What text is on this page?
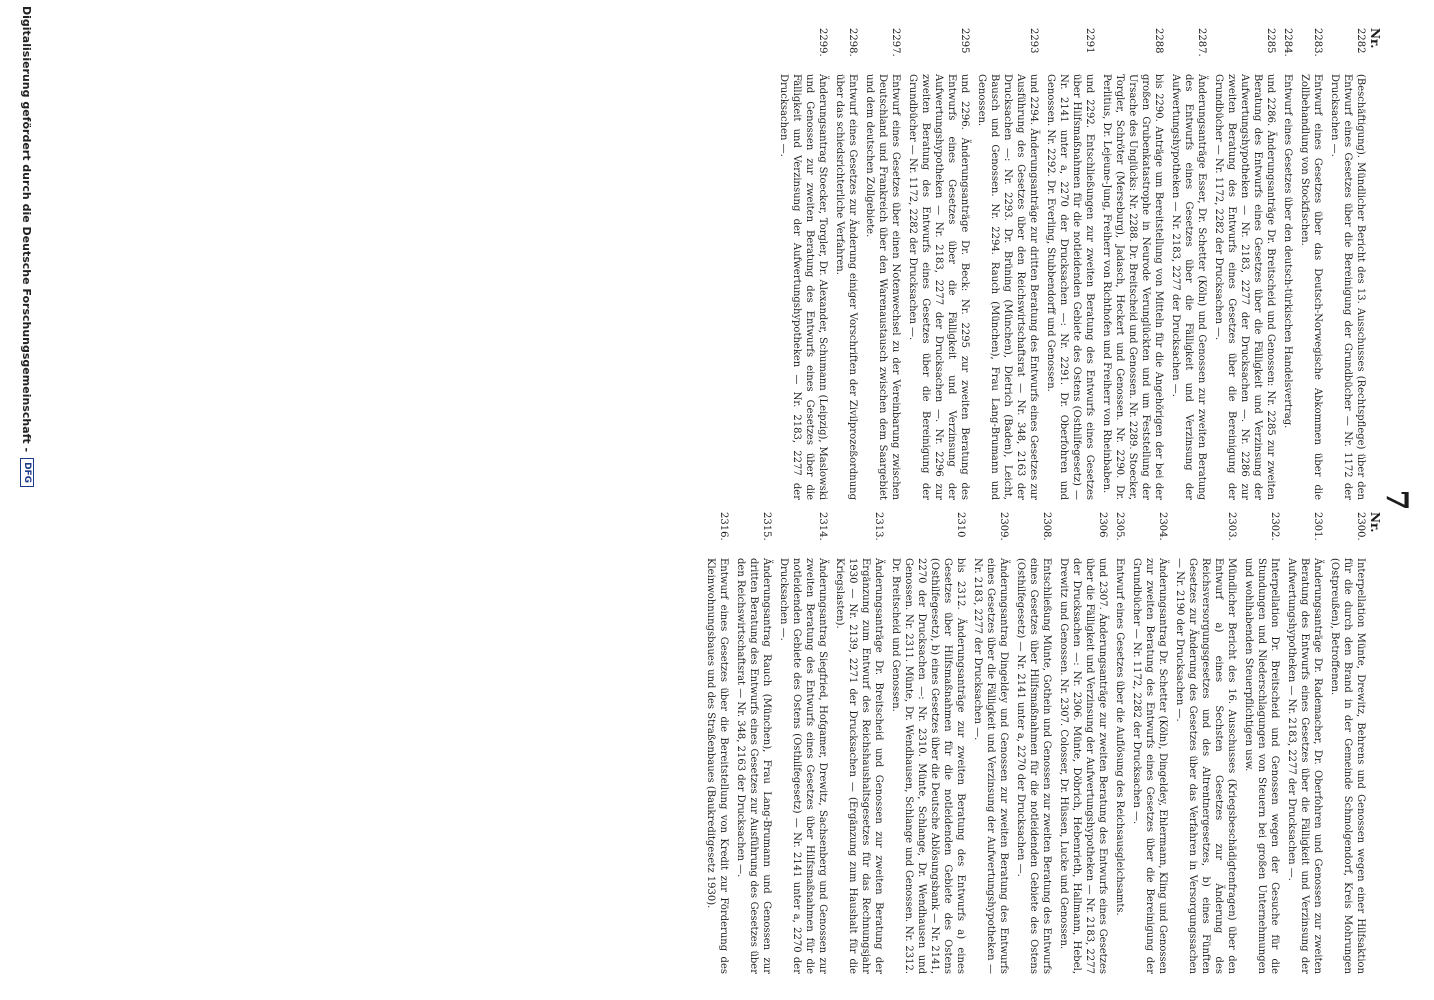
7
Nr.
2282
(Beschäftigung). Mündlicher Bericht des 13. Ausschusses (Rechtspflege) über den Entwurf eines Gesetzes über die Bereinigung der Grundbücher — Nr. 1172 der Drucksachen —.
2283.
Entwurf eines Gesetzes über das Deutsch-Norwegische Abkommen über die Zollbehandlung von Stockfischen.
2284.
Entwurf eines Gesetzes über den deutsch-türkischen Handelsvertrag.
2285
und 2286. Änderungsanträge Dr. Breitscheid und Genossen: Nr. 2285 zur zweiten Beratung des Entwurfs eines Gesetzes über die Fälligkeit und Verzinsung der Aufwertungshypotheken — Nr. 2183, 2277 der Drucksachen —. Nr. 2286 zur zweiten Beratung des Entwurfs eines Gesetzes über die Bereinigung der Grundbücher — Nr. 1172, 2282 der Drucksachen —.
2287.
Änderungsanträge Esser, Dr. Schetter (Köln) und Genossen zur zweiten Beratung des Entwurfs eines Gesetzes über die Fälligkeit und Verzinsung der Aufwertungshypotheken — Nr. 2183, 2277 der Drucksachen —.
2288
bis 2290. Anträge um Bereitstellung von Mitteln für die Angehörigen der bei der großen Grubenkatastrophe in Neurode Verunglückten und um Feststellung der Ursache des Unglücks: Nr. 2288. Dr. Breitscheid und Genossen. Nr. 2289. Stoecker, Torgler, Schröter (Merseburg), Jadasch, Heckert und Genossen. Nr. 2290. Dr. Perlitius, Dr. Lejeune-Jung, Freiherr von Richthofen und Freiherr von Rheinbaben.
2291
und 2292. Entschließungen zur zweiten Beratung des Entwurfs eines Gesetzes über Hilfsmaßnahmen für die notleidenden Gebiete des Ostens (Osthilfegesetz) — Nr. 2141 unter a, 2270 der Drucksachen —: Nr. 2291. Dr. Oberfohren und Genossen. Nr. 2292. Dr. Everling, Stubbendorff und Genossen.
2293
und 2294. Änderungsanträge zur dritten Beratung des Entwurfs eines Gesetzes zur Ausführung des Gesetzes über den Reichswirtschaftsrat — Nr. 348, 2163 der Drucksachen —: Nr. 2293. Dr. Brüning (München), Dietrich (Baden), Leicht, Bausch und Genossen. Nr. 2294. Rauch (München), Frau Lang-Brumann und Genossen.
2295
und 2296. Änderungsanträge Dr. Beck: Nr. 2295 zur zweiten Beratung des Entwurfs eines Gesetzes über die Fälligkeit und Verzinsung der Aufwertungshypotheken — Nr. 2183, 2277 der Drucksachen —. Nr. 2296 zur zweiten Beratung des Entwurfs eines Gesetzes über die Bereinigung der Grundbücher — Nr. 1172, 2282 der Drucksachen —.
2297.
Entwurf eines Gesetzes über einen Notenwechsel zu der Vereinbarung zwischen Deutschland und Frankreich über den Warenaustausch zwischen dem Saargebiet und dem deutschen Zollgebiete.
2298.
Entwurf eines Gesetzes zur Änderung einiger Vorschriften der Zivilprozeßordnung über das schiedsrichterliche Verfahren.
2299.
Änderungsantrag Stoecker, Torgler, Dr. Alexander, Schumann (Leipzig), Maslowski und Genossen zur zweiten Beratung des Entwurfs eines Gesetzes über die Fälligkeit und Verzinsung der Aufwertungshypotheken — Nr. 2183, 2277 der Drucksachen —.
Nr.
2300.
Interpellation Münte, Drewitz, Behrens und Genossen wegen einer Hilfsaktion für die durch den Brand in der Gemeinde Schmolgendorf, Kreis Mohrungen (Ostpreußen), Betroffenen.
2301.
Änderungsanträge Dr. Rademacher, Dr. Oberfohren und Genossen zur zweiten Beratung des Entwurfs eines Gesetzes über die Fälligkeit und Verzinsung der Aufwertungshypotheken — Nr. 2183, 2277 der Drucksachen —.
2302.
Interpellation Dr. Breitscheid und Genossen wegen der Gesuche für die Stundungen und Niederschlagungen von Steuern bei großen Unternehmungen und wohlhabenden Steuerpflichtigen usw.
2303.
Mündlicher Bericht des 16. Ausschusses (Kriegsbeschädigtenfragen) über den Entwurf a) eines Sechsten Gesetzes zur Änderung des Reichsversorgungsgesetzes und des Altrentnergesetzes, b) eines Fünften Gesetzes zur Änderung des Gesetzes über das Verfahren in Versorgungssachen — Nr. 2190 der Drucksachen —.
2304.
Änderungsantrag Dr. Schetter (Köln), Dingeldey, Ehlermann, Kling und Genossen zur zweiten Beratung des Entwurfs eines Gesetzes über die Bereinigung der Grundbücher — Nr. 1172, 2282 der Drucksachen —.
2305.
Entwurf eines Gesetzes über die Auflösung des Reichsausgleichsamts.
2306
und 2307. Änderungsanträge zur zweiten Beratung des Entwurfs eines Gesetzes über die Fälligkeit und Verzinsung der Aufwertungshypotheken — Nr. 2183, 2277 der Drucksachen —: Nr. 2306. Münte, Döbrich, Hebenrieth, Hallmann, Hebel, Drewitz und Genossen. Nr. 2307. Colosser, Dr. Hüssen, Lucke und Genossen.
2308.
Entschließung Münte, Gothein und Genossen zur zweiten Beratung des Entwurfs eines Gesetzes über Hilfsmaßnahmen für die notleidenden Gebiete des Ostens (Osthilfegesetz) — Nr. 2141 unter a, 2270 der Drucksachen —.
2309.
Änderungsantrag Dingeldey und Genossen zur zweiten Beratung des Entwurfs eines Gesetzes über die Fälligkeit und Verzinsung der Aufwertungshypotheken — Nr. 2183, 2277 der Drucksachen —.
2310
bis 2312. Änderungsanträge zur zweiten Beratung des Entwurfs a) eines Gesetzes über Hilfsmaßnahmen für die notleidenden Gebiete des Ostens (Osthilfegesetz), b) eines Gesetzes über die Deutsche Ablösungsbank — Nr. 2141, 2270 der Drucksachen —: Nr. 2310. Münte, Schlange, Dr. Wendhausen und Genossen. Nr. 2311. Münte, Dr. Wendhausen, Schlange und Genossen. Nr. 2312. Dr. Breitscheid und Genossen.
2313.
Änderungsanträge Dr. Breitscheid und Genossen zur zweiten Beratung der Ergänzung zum Entwurf des Reichshaushaltsgesetzes für das Rechnungsjahr 1930 — Nr. 2139, 2271 der Drucksachen — (Ergänzung zum Haushalt für die Kriegslasten).
2314.
Änderungsantrag Siegfried, Hofgamer, Drewitz, Sachsenberg und Genossen zur zweiten Beratung des Entwurfs eines Gesetzes über Hilfsmaßnahmen für die notleidenden Gebiete des Ostens (Osthilfegesetz) — Nr. 2141 unter a, 2270 der Drucksachen —.
2315.
Änderungsantrag Rauch (München), Frau Lang-Brumann und Genossen zur dritten Beratung des Entwurfs eines Gesetzes zur Ausführung des Gesetzes über den Reichswirtschaftsrat — Nr. 348, 2163 der Drucksachen —.
2316.
Entwurf eines Gesetzes über die Bereitstellung von Kredit zur Förderung des Kleinwohnungsbaues und des Straßenbaues (Baukreditgesetz 1930).
Digitalisierung gefördert durch die Deutsche Forschungsgemeinschaft -
DFG
